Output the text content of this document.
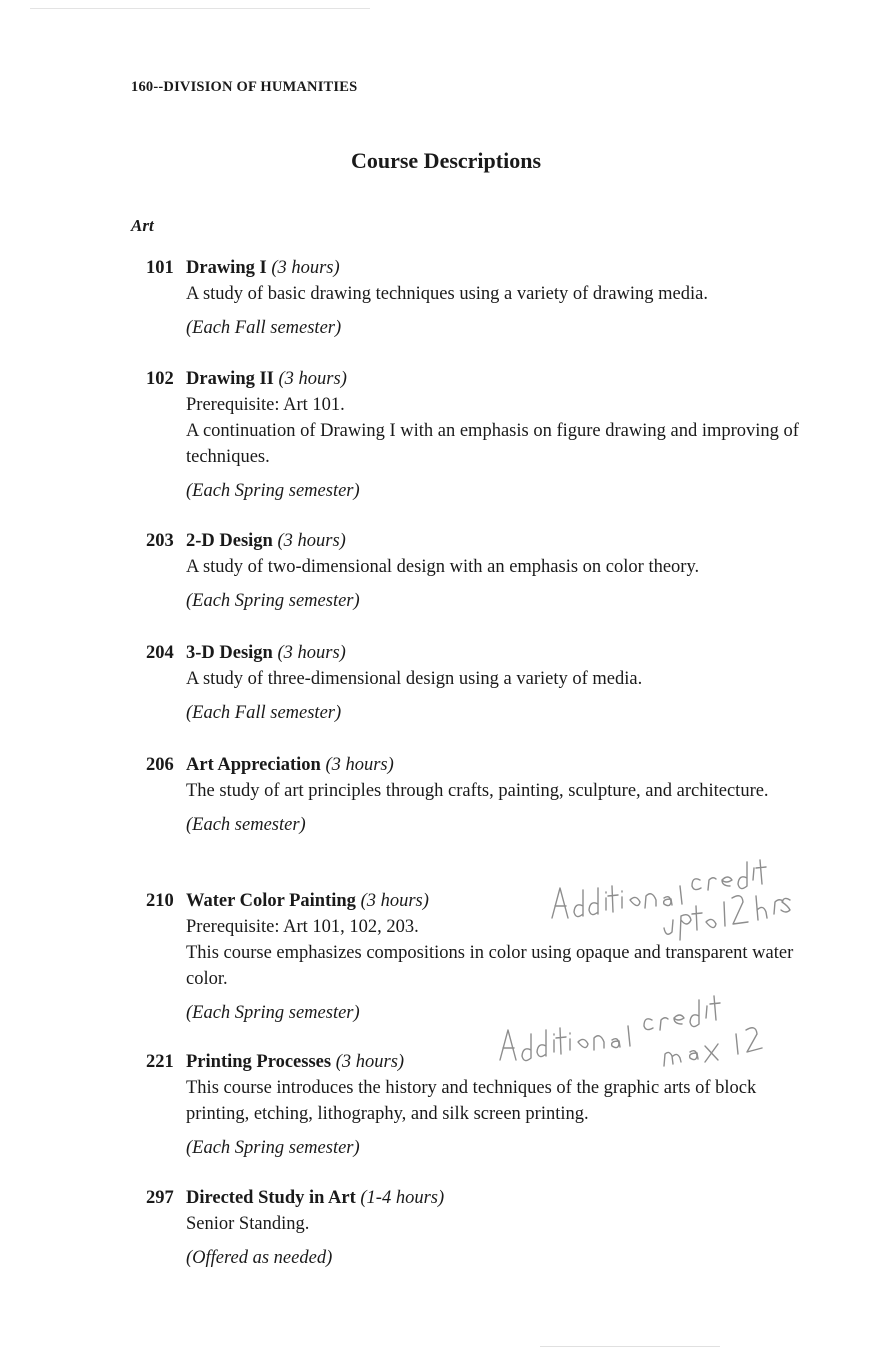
160--DIVISION OF HUMANITIES
Course Descriptions
Art
101 Drawing I (3 hours)
A study of basic drawing techniques using a variety of drawing media.
(Each Fall semester)
102 Drawing II (3 hours)
Prerequisite: Art 101.
A continuation of Drawing I with an emphasis on figure drawing and improving of techniques.
(Each Spring semester)
203 2-D Design (3 hours)
A study of two-dimensional design with an emphasis on color theory.
(Each Spring semester)
204 3-D Design (3 hours)
A study of three-dimensional design using a variety of media.
(Each Fall semester)
206 Art Appreciation (3 hours)
The study of art principles through crafts, painting, sculpture, and architecture.
(Each semester)
210 Water Color Painting (3 hours)
Prerequisite: Art 101, 102, 203.
This course emphasizes compositions in color using opaque and transparent water color.
(Each Spring semester)
221 Printing Processes (3 hours)
This course introduces the history and techniques of the graphic arts of block printing, etching, lithography, and silk screen printing.
(Each Spring semester)
297 Directed Study in Art (1-4 hours)
Senior Standing.
(Offered as needed)
